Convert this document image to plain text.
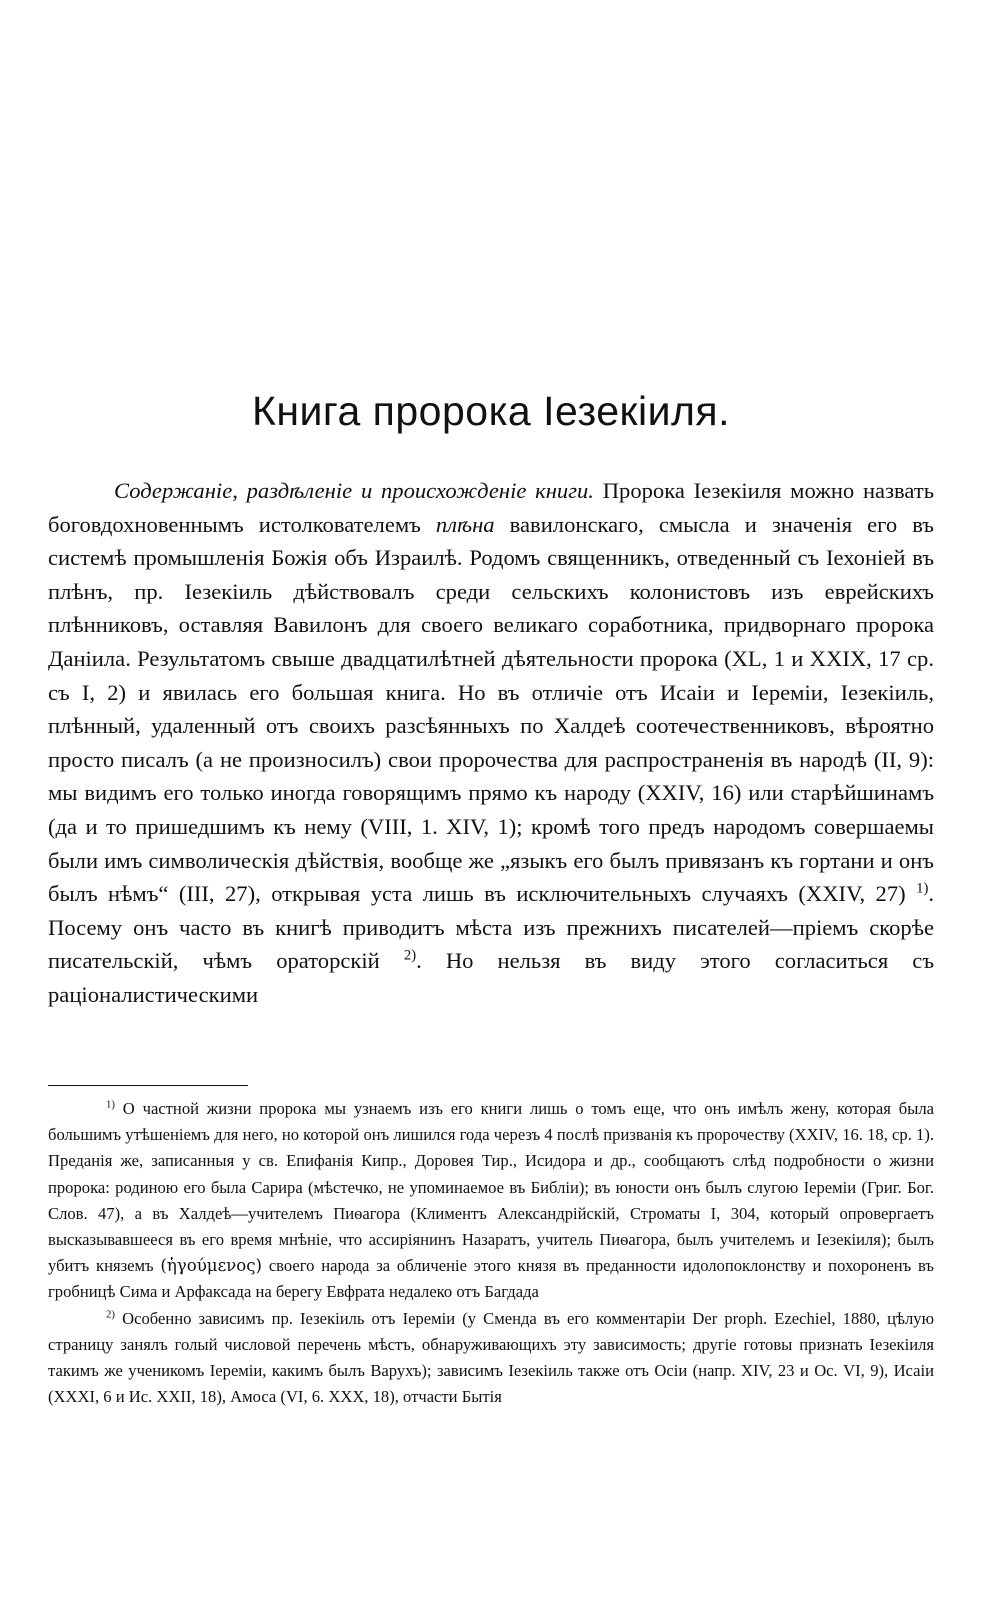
Книга пророка Іезекіиля.

Содержаніе, раздѣленіе и происхожденіе книги. Пророка Іезекіиля можно назвать боговдохновеннымъ истолкователемъ плѣна вавилонскаго, смысла и значенія его въ системѣ промышленія Божія объ Израилѣ. Родомъ священникъ, отведенный съ Іехоніей въ плѣнъ, пр. Іезекіиль дѣйствовалъ среди сельскихъ колонистовъ изъ еврейскихъ плѣнниковъ, оставляя Вавилонъ для своего великаго соработника, придворнаго пророка Даніила. Результатомъ свыше двадцатилѣтней дѣятельности пророка (XL, 1 и XXIX, 17 ср. съ I, 2) и явилась его большая книга. Но въ отличіе отъ Исаіи и Іереміи, Іезекіиль, плѣнный, удаленный отъ своихъ разсѣянныхъ по Халдеѣ соотечественниковъ, вѣроятно просто писалъ (а не произносилъ) свои пророчества для распространенія въ народѣ (II, 9): мы видимъ его только иногда говорящимъ прямо къ народу (XXIV, 16) или старѣйшинамъ (да и то пришедшимъ къ нему (VIII, 1. XIV, 1); кромѣ того предъ народомъ совершаемы были имъ символическія дѣйствія, вообще же „языкъ его былъ привязанъ къ гортани и онъ былъ нѣмъ“ (III, 27), открывая уста лишь въ исключительныхъ случаяхъ (XXIV, 27) $^{1)}$. Посему онъ часто въ книгѣ приводитъ мѣста изъ прежнихъ писателей—пріемъ скорѣе писательскій, чѣмъ ораторскій $^{2)}$. Но нельзя въ виду этого согласиться съ раціоналистическими

$^{1)}$ О частной жизни пророка мы узнаемъ изъ его книги лишь о томъ еще, что онъ имѣлъ жену, которая была большимъ утѣшеніемъ для него, но которой онъ лишился года черезъ 4 послѣ призванія къ пророчеству (XXIV, 16. 18, ср. 1). Преданія же, записанныя у св. Епифанія Кипр., Доровея Тир., Исидора и др., сообщаютъ слѣд подробности о жизни пророка: родиною его была Сарира (мѣстечко, не упоминаемое въ Библіи); въ юности онъ былъ слугою Іереміи (Григ. Бог. Слов. 47), а въ Халдеѣ—учителемъ Пиѳагора (Климентъ Александрійскій, Строматы I, 304, который опровергаетъ высказывавшееся въ его время мнѣніе, что ассиріянинъ Назаратъ, учитель Пиѳагора, былъ учителемъ и Іезекіиля); былъ убитъ княземъ (ἡγούμενος) своего народа за обличеніе этого князя въ преданности идолопоклонству и похороненъ въ гробницѣ Сима и Арфаксада на берегу Евфрата недалеко отъ Багдада

$^{2)}$ Особенно зависимъ пр. Іезекіиль отъ Іереміи (у Сменда въ его комментаріи Der proph. Ezechiel, 1880, цѣлую страницу занялъ голый числовой перечень мѣстъ, обнаруживающихъ эту зависимость; другіе готовы признать Іезекіиля такимъ же ученикомъ Іереміи, какимъ былъ Варухъ); зависимъ Іезекіиль также отъ Осіи (напр. XIV, 23 и Ос. VI, 9), Исаіи (XXXI, 6 и Ис. XXII, 18), Амоса (VI, 6. XXX, 18), отчасти Бытія
